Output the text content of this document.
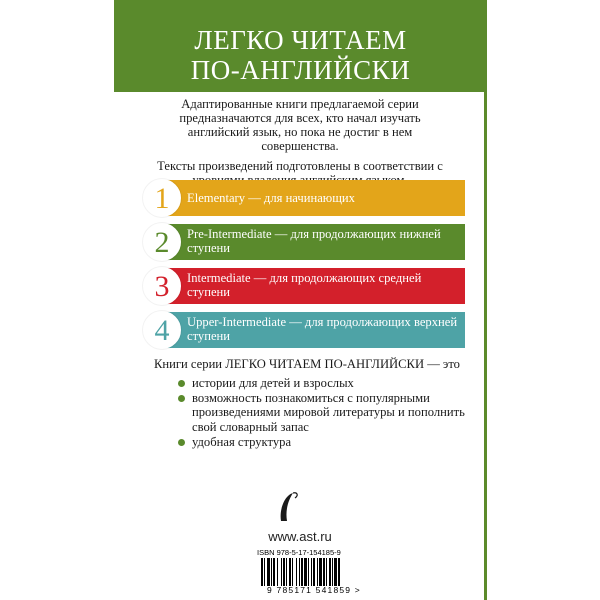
ЛЕГКО ЧИТАЕМ
ПО-АНГЛИЙСКИ

Адаптированные книги предлагаемой серии предназначаются для всех, кто начал изучать английский язык, но пока не достиг в нем совершенства.

Тексты произведений подготовлены в соответствии с

1	Elementary — для начинающих
2	Pre-Intermediate — для продолжающих нижней ступени
3	Intermediate — для продолжающих средней ступени
4	Upper-Intermediate — для продолжающих верхней ступени
Книги серии ЛЕГКО ЧИТАЕМ ПО-АНГЛИЙСКИ — это
истории для детей и взрослых
возможность познакомиться с популярными произведениями мировой литературы и пополнить свой словарный запас
удобная структура
www.ast.ru
ISBN 978-5-17-154185-9
9 785171 541859 >
